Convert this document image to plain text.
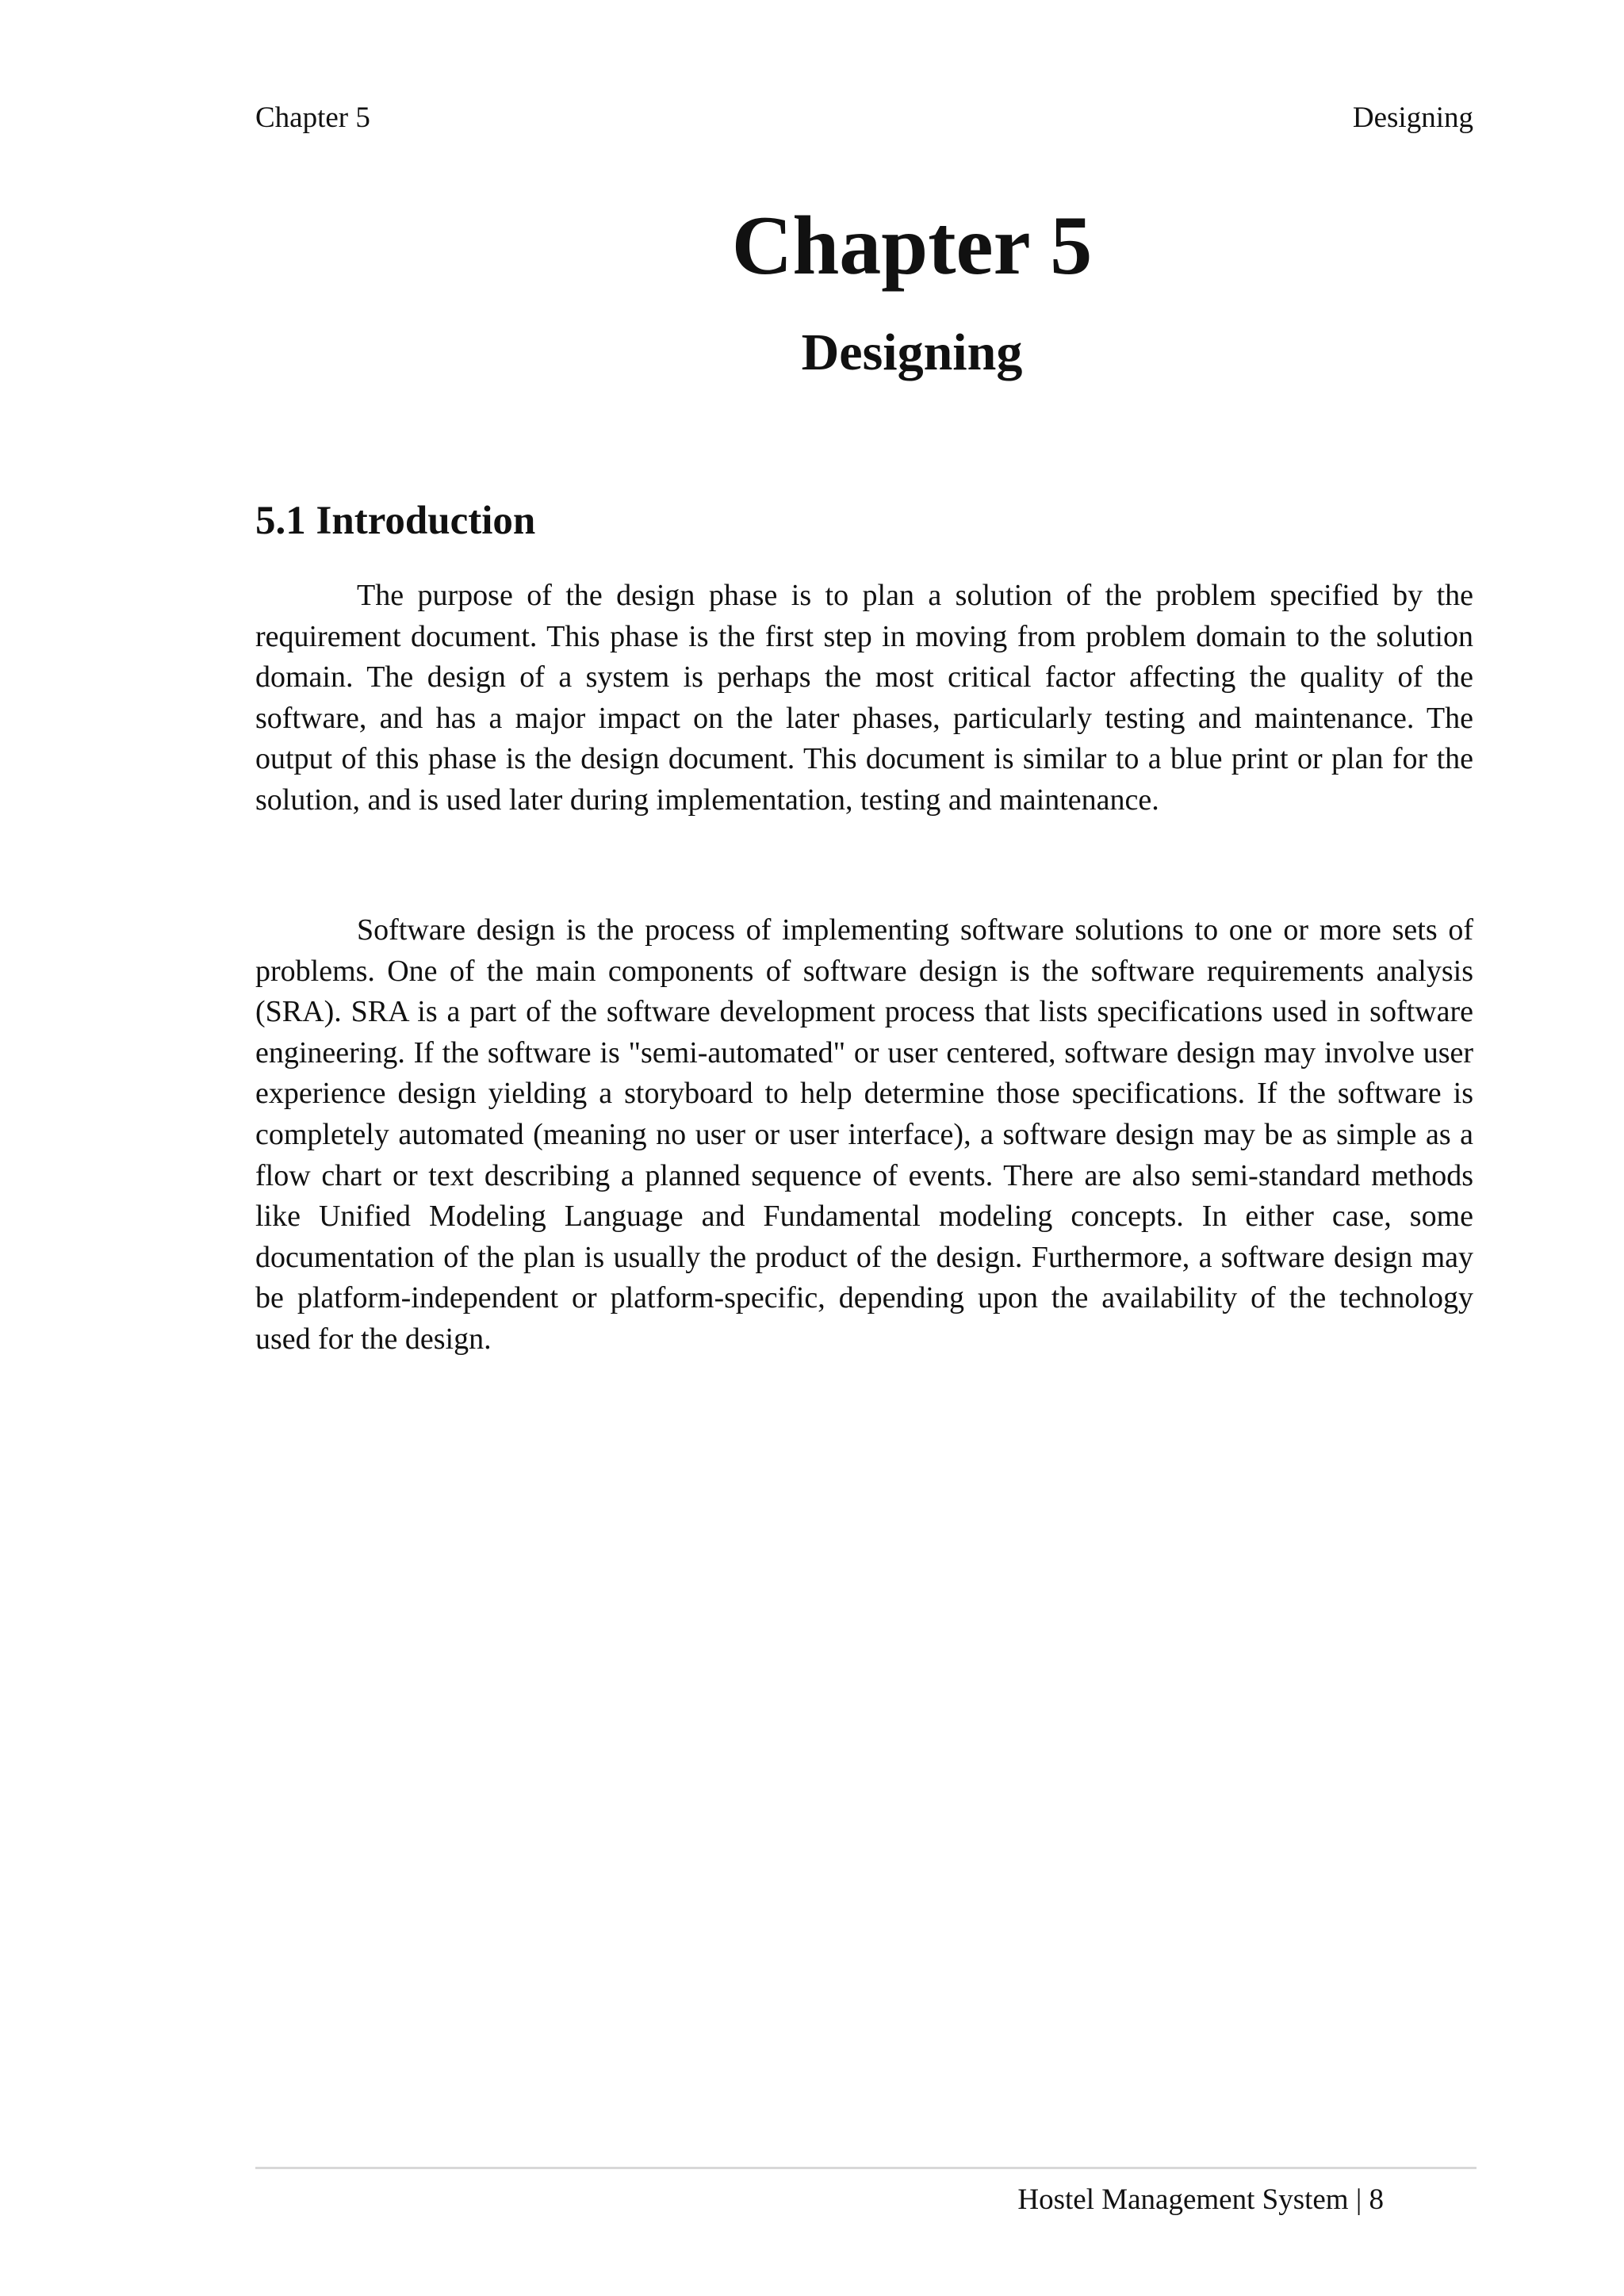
Chapter 5	Designing
Chapter 5
Designing
5.1 Introduction

The purpose of the design phase is to plan a solution of the problem specified by the requirement document. This phase is the first step in moving from problem domain to the solution domain. The design of a system is perhaps the most critical factor affecting the quality of the software, and has a major impact on the later phases, particularly testing and maintenance. The output of this phase is the design document. This document is similar to a blue print or plan for the solution, and is used later during implementation, testing and maintenance.

Software design is the process of implementing software solutions to one or more sets of problems. One of the main components of software design is the software requirements analysis (SRA). SRA is a part of the software development process that lists specifications used in software engineering. If the software is "semi-automated" or user centered, software design may involve user experience design yielding a storyboard to help determine those specifications. If the software is completely automated (meaning no user or user interface), a software design may be as simple as a flow chart or text describing a planned sequence of events. There are also semi-standard methods like Unified Modeling Language and Fundamental modeling concepts. In either case, some documentation of the plan is usually the product of the design. Furthermore, a software design may be platform-independent or platform-specific, depending upon the availability of the technology used for the design.

Hostel Management System | 8
